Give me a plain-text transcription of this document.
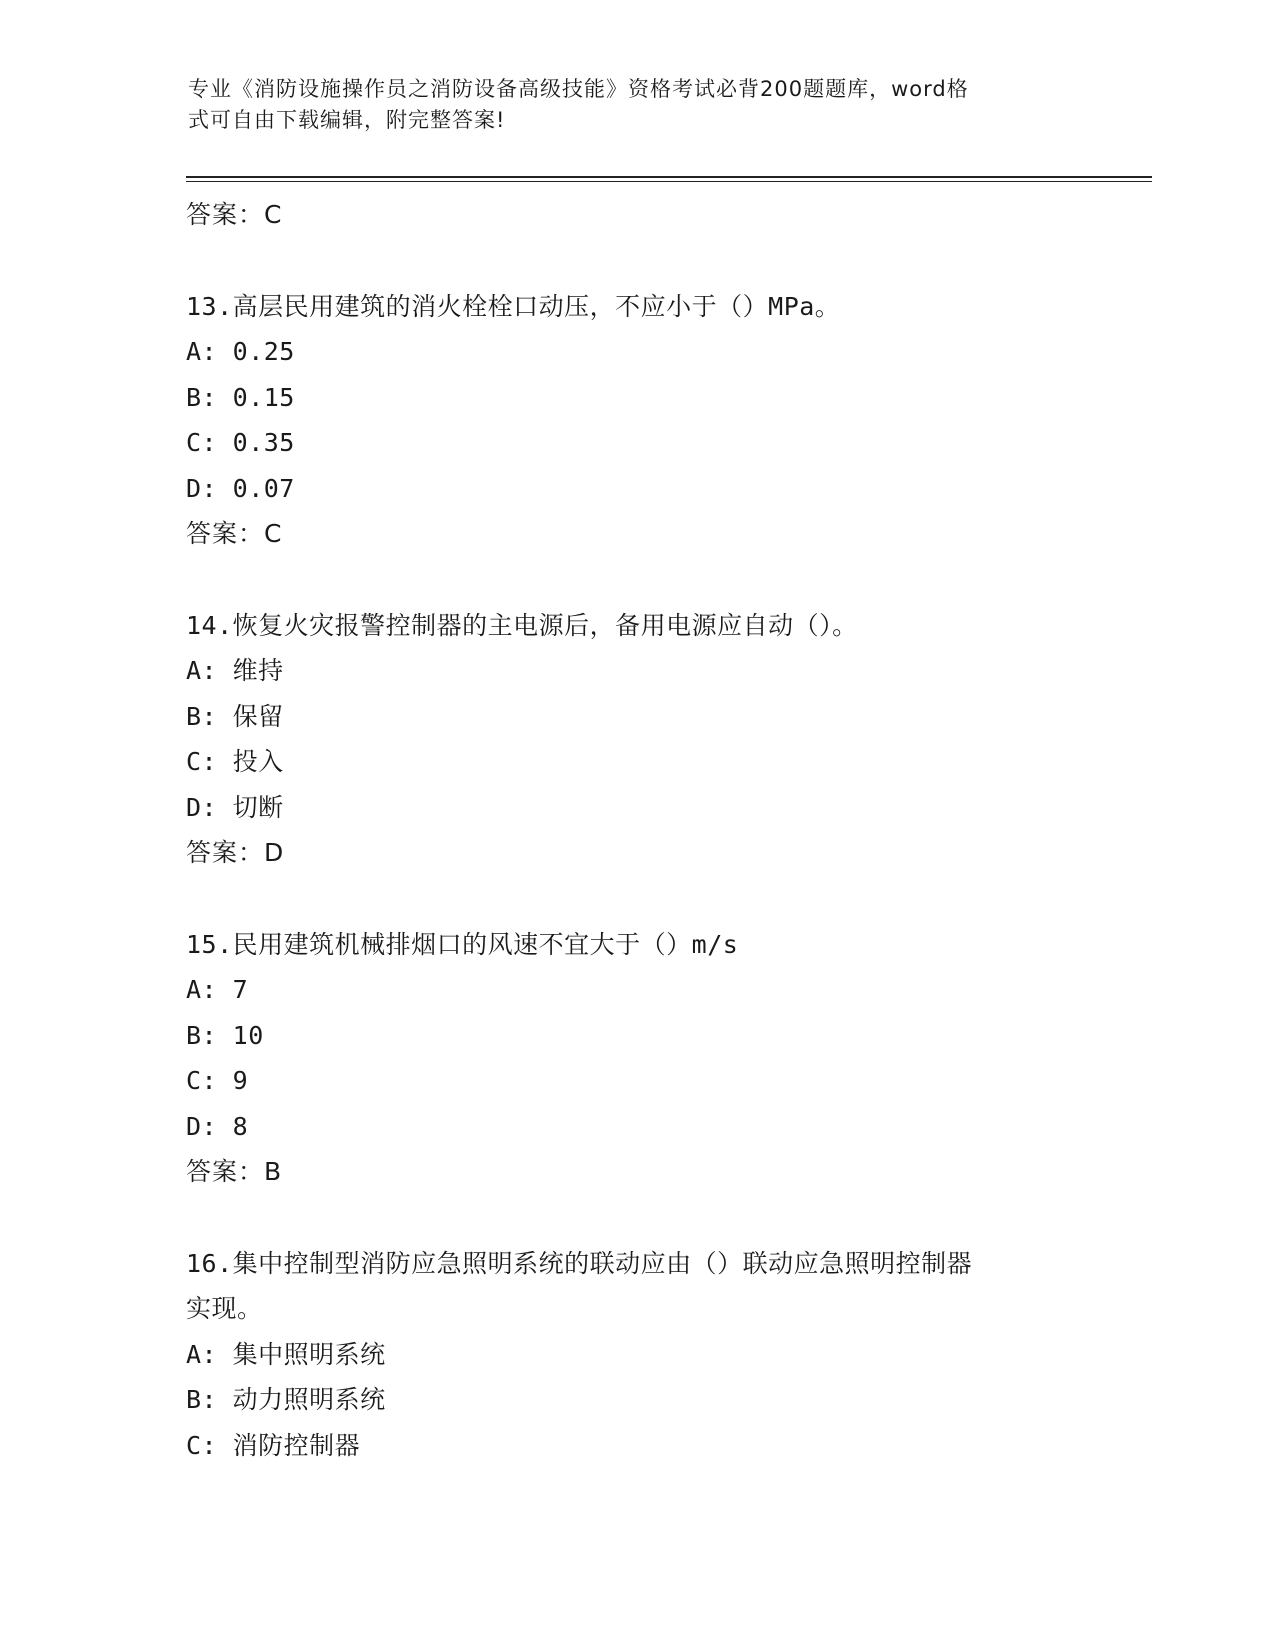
专业《消防设施操作员之消防设备高级技能》资格考试必背200题题库，word格
式可自由下载编辑，附完整答案!
答案：C
13.高层民用建筑的消火栓栓口动压，不应小于（）MPa。
A: 0.25
B: 0.15
C: 0.35
D: 0.07
答案：C
14.恢复火灾报警控制器的主电源后，备用电源应自动（）。
A: 维持
B: 保留
C: 投入
D: 切断
答案：D
15.民用建筑机械排烟口的风速不宜大于（）m/s
A: 7
B: 10
C: 9
D: 8
答案：B
16.集中控制型消防应急照明系统的联动应由（）联动应急照明控制器
实现。
A: 集中照明系统
B: 动力照明系统
C: 消防控制器
